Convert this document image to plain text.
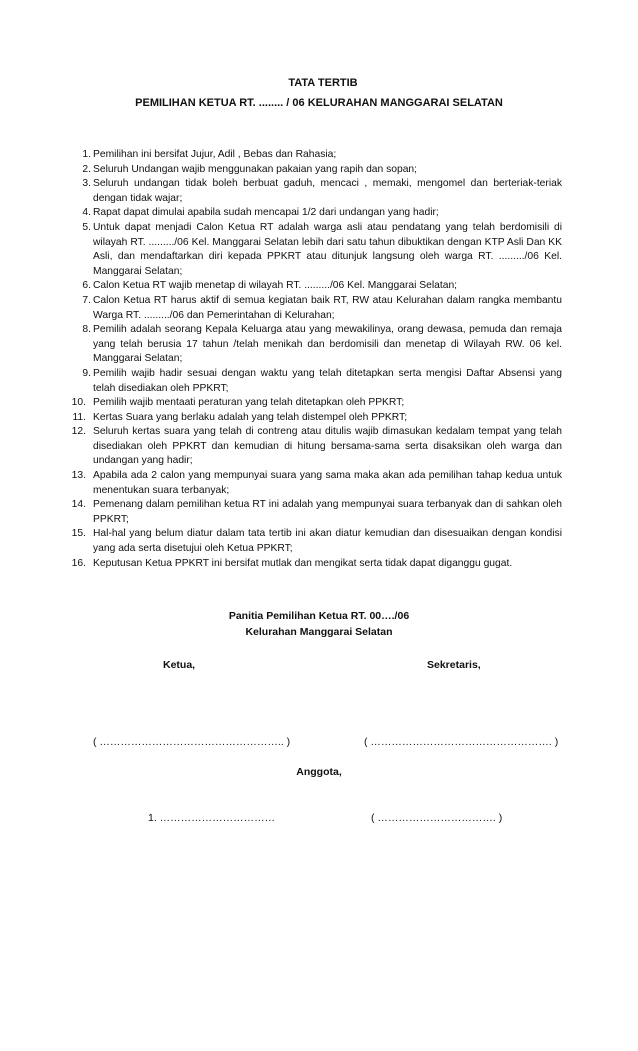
TATA TERTIB
PEMILIHAN KETUA RT. ........ / 06 KELURAHAN MANGGARAI SELATAN
1. Pemilihan ini bersifat Jujur, Adil , Bebas dan Rahasia;
2. Seluruh Undangan wajib menggunakan pakaian yang rapih dan sopan;
3. Seluruh undangan tidak boleh berbuat gaduh, mencaci , memaki, mengomel dan berteriak-teriak dengan tidak wajar;
4. Rapat dapat dimulai apabila sudah mencapai 1/2 dari undangan yang hadir;
5. Untuk dapat menjadi Calon Ketua RT adalah warga asli atau pendatang yang telah berdomisili di wilayah RT. ........./06 Kel. Manggarai Selatan lebih dari satu tahun dibuktikan dengan KTP Asli Dan KK Asli, dan mendaftarkan diri kepada PPKRT atau ditunjuk langsung oleh warga RT. ........./06 Kel. Manggarai Selatan;
6. Calon Ketua RT wajib menetap di wilayah RT. ........./06 Kel. Manggarai Selatan;
7. Calon Ketua RT harus aktif di semua kegiatan baik RT, RW atau Kelurahan dalam rangka membantu Warga RT. ........./06 dan Pemerintahan di Kelurahan;
8. Pemilih adalah seorang Kepala Keluarga atau yang mewakilinya, orang dewasa, pemuda dan remaja yang telah berusia 17 tahun /telah menikah dan berdomisili dan menetap di Wilayah RW. 06 kel. Manggarai Selatan;
9. Pemilih wajib hadir sesuai dengan waktu yang telah ditetapkan serta mengisi Daftar Absensi yang telah disediakan oleh PPKRT;
10. Pemilih wajib mentaati peraturan yang telah ditetapkan oleh PPKRT;
11. Kertas Suara yang berlaku adalah yang telah distempel oleh PPKRT;
12. Seluruh kertas suara yang telah di contreng atau ditulis wajib dimasukan kedalam tempat yang telah disediakan oleh PPKRT dan kemudian di hitung bersama-sama serta disaksikan oleh warga dan undangan yang hadir;
13. Apabila ada 2 calon yang mempunyai suara yang sama maka akan ada pemilihan tahap kedua untuk menentukan suara terbanyak;
14. Pemenang dalam pemilihan ketua RT ini adalah yang mempunyai suara terbanyak dan di sahkan oleh PPKRT;
15. Hal-hal yang belum diatur dalam tata tertib ini akan diatur kemudian dan disesuaikan dengan kondisi yang ada serta disetujui oleh Ketua PPKRT;
16. Keputusan Ketua PPKRT ini bersifat mutlak dan mengikat serta tidak dapat diganggu gugat.
Panitia Pemilihan Ketua RT. 00…./06
Kelurahan Manggarai Selatan
Ketua,	Sekretaris,
( …………………………………………….. )	( ……………………………………………. )
Anggota,
1. ……………………………	( ……………………………. )
